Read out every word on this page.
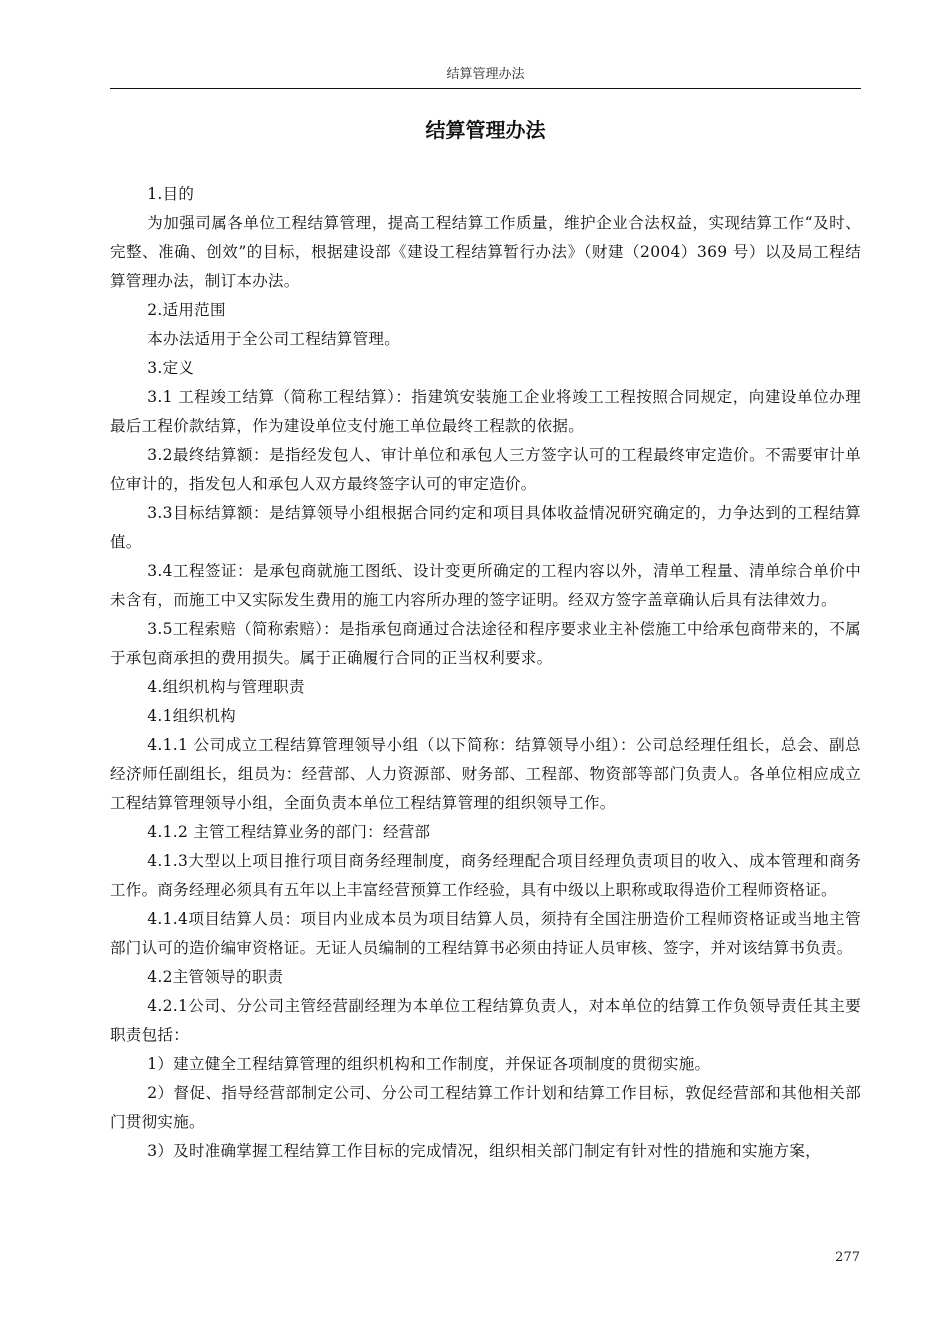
结算管理办法
结算管理办法

1.目的

为加强司属各单位工程结算管理，提高工程结算工作质量，维护企业合法权益，实现结算工作“及时、完整、准确、创效”的目标，根据建设部《建设工程结算暂行办法》（财建（2004）369 号）以及局工程结算管理办法，制订本办法。

2.适用范围

本办法适用于全公司工程结算管理。

3.定义

3.1 工程竣工结算（简称工程结算）：指建筑安装施工企业将竣工工程按照合同规定，向建设单位办理最后工程价款结算，作为建设单位支付施工单位最终工程款的依据。

3.2最终结算额：是指经发包人、审计单位和承包人三方签字认可的工程最终审定造价。不需要审计单位审计的，指发包人和承包人双方最终签字认可的审定造价。

3.3目标结算额：是结算领导小组根据合同约定和项目具体收益情况研究确定的，力争达到的工程结算值。

3.4工程签证：是承包商就施工图纸、设计变更所确定的工程内容以外，清单工程量、清单综合单价中未含有，而施工中又实际发生费用的施工内容所办理的签字证明。经双方签字盖章确认后具有法律效力。

3.5工程索赔（简称索赔）：是指承包商通过合法途径和程序要求业主补偿施工中给承包商带来的，不属于承包商承担的费用损失。属于正确履行合同的正当权利要求。

4.组织机构与管理职责

4.1组织机构

4.1.1 公司成立工程结算管理领导小组（以下简称：结算领导小组）：公司总经理任组长，总会、副总经济师任副组长，组员为：经营部、人力资源部、财务部、工程部、物资部等部门负责人。各单位相应成立工程结算管理领导小组，全面负责本单位工程结算管理的组织领导工作。

4.1.2 主管工程结算业务的部门：经营部

4.1.3大型以上项目推行项目商务经理制度，商务经理配合项目经理负责项目的收入、成本管理和商务工作。商务经理必须具有五年以上丰富经营预算工作经验，具有中级以上职称或取得造价工程师资格证。

4.1.4项目结算人员：项目内业成本员为项目结算人员，须持有全国注册造价工程师资格证或当地主管部门认可的造价编审资格证。无证人员编制的工程结算书必须由持证人员审核、签字，并对该结算书负责。

4.2主管领导的职责

4.2.1公司、分公司主管经营副经理为本单位工程结算负责人，对本单位的结算工作负领导责任其主要职责包括：

1）建立健全工程结算管理的组织机构和工作制度，并保证各项制度的贯彻实施。

2）督促、指导经营部制定公司、分公司工程结算工作计划和结算工作目标，敦促经营部和其他相关部门贯彻实施。

3）及时准确掌握工程结算工作目标的完成情况，组织相关部门制定有针对性的措施和实施方案，

277
